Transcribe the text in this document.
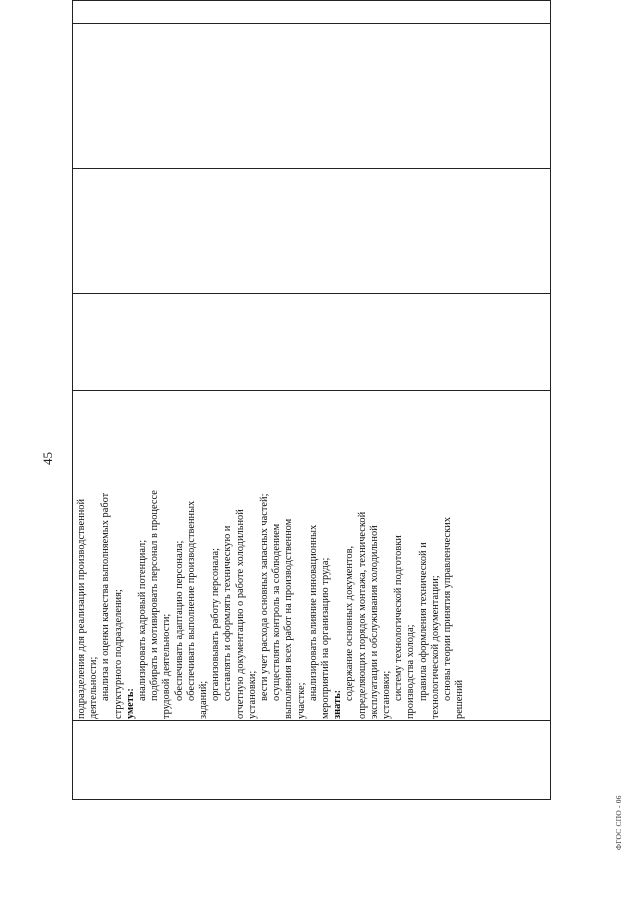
45
подразделения для реализации производственной деятельности; анализа и оценки качества выполняемых работ структурного подразделения; уметь:
анализировать кадровый потенциал; подбирать и мотивировать персонал в процессе трудовой деятельности; обеспечивать адаптацию персонала; обеспечивать выполнение производственных заданий; организовывать работу персонала; составлять и оформлять техническую и отчетную документацию о работе холодильной установки; вести учет расхода основных запасных частей; осуществлять контроль за соблюдением выполнения всех работ на производственном участке; анализировать влияние инновационных мероприятий на организацию труда; знать:
содержание основных документов, определяющих порядок монтажа, технической эксплуатации и обслуживания холодильной установки; систему технологической подготовки производства холода; правила оформления технической и технологической документации; основы теории принятия управленческих решений
ФГОС СПО - 06
